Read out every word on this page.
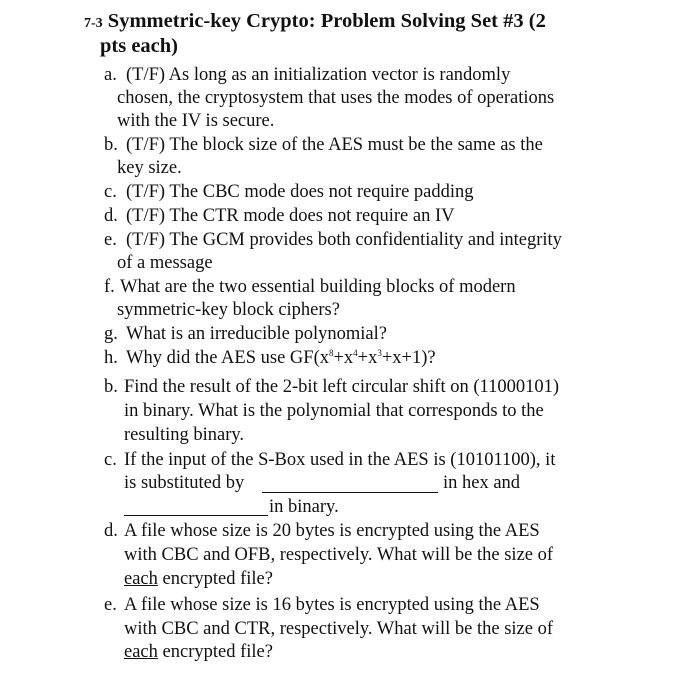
7-3 Symmetric-key Crypto: Problem Solving Set #3 (2
pts each)
a. (T/F) As long as an initialization vector is randomly
chosen, the cryptosystem that uses the modes of operations
with the IV is secure.
b. (T/F) The block size of the AES must be the same as the
key size.
c. (T/F) The CBC mode does not require padding
d. (T/F) The CTR mode does not require an IV
e. (T/F) The GCM provides both confidentiality and integrity
of a message
f. What are the two essential building blocks of modern
symmetric-key block ciphers?
g. What is an irreducible polynomial?
h. Why did the AES use $GF(x^8+x^4+x^3+x+1)$?
b. Find the result of the 2-bit left circular shift on (11000101)
in binary. What is the polynomial that corresponds to the
resulting binary.
c. If the input of the S-Box used in the AES is (10101100), it
is substituted by	in hex and
in binary.
d. A file whose size is 20 bytes is encrypted using the AES
with CBC and OFB, respectively. What will be the size of
each encrypted file?
e. A file whose size is 16 bytes is encrypted using the AES
with CBC and CTR, respectively. What will be the size of
each encrypted file?
